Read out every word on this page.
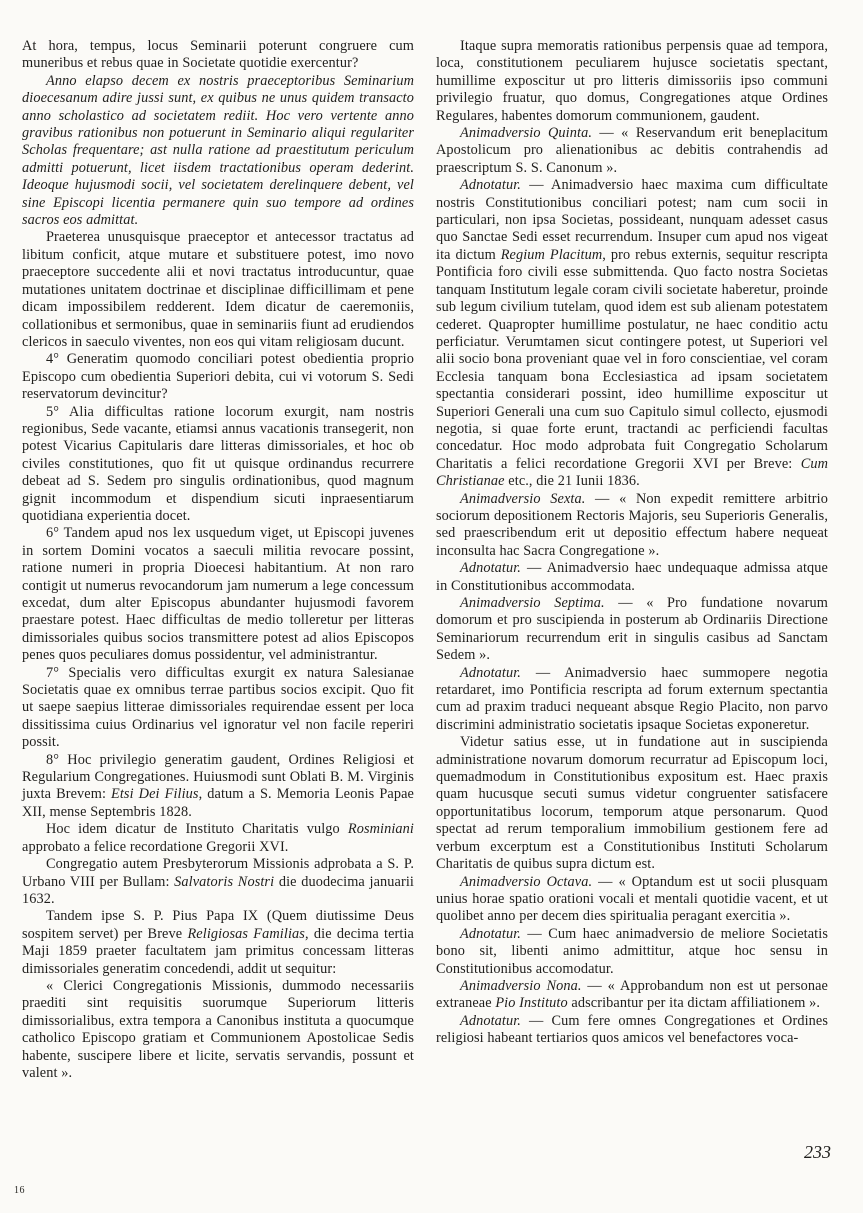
At hora, tempus, locus Seminarii poterunt congruere cum muneribus et rebus quae in Societate quotidie exercentur?

Anno elapso decem ex nostris praeceptoribus Seminarium dioecesanum adire jussi sunt, ex quibus ne unus quidem transacto anno scholastico ad societatem rediit. Hoc vero vertente anno gravibus rationibus non potuerunt in Seminario aliqui regulariter Scholas frequentare; ast nulla ratione ad praestitutum periculum admitti potuerunt, licet iisdem tractationibus operam dederint. Ideoque hujusmodi socii, vel societatem derelinquere debent, vel sine Episcopi licentia permanere quin suo tempore ad ordines sacros eos admittat.

Praeterea unusquisque praeceptor et antecessor tractatus ad libitum conficit, atque mutare et substituere potest, imo novo praeceptore succedente alii et novi tractatus introducuntur, quae mutationes unitatem doctrinae et disciplinae difficillimam et pene dicam impossibilem redderent. Idem dicatur de caeremoniis, collationibus et sermonibus, quae in seminariis fiunt ad erudiendos clericos in saeculo viventes, non eos qui vitam religiosam ducunt.

4° Generatim quomodo conciliari potest obedientia proprio Episcopo cum obedientia Superiori debita, cui vi votorum S. Sedi reservatorum devincitur?

5° Alia difficultas ratione locorum exurgit, nam nostris regionibus, Sede vacante, etiamsi annus vacationis transegerit, non potest Vicarius Capitularis dare litteras dimissoriales, et hoc ob civiles constitutiones, quo fit ut quisque ordinandus recurrere debeat ad S. Sedem pro singulis ordinationibus, quod magnum gignit incommodum et dispendium sicuti inpraesentiarum quotidiana experientia docet.

6° Tandem apud nos lex usquedum viget, ut Episcopi juvenes in sortem Domini vocatos a saeculi militia revocare possint, ratione numeri in propria Dioecesi habitantium. At non raro contigit ut numerus revocandorum jam numerum a lege concessum excedat, dum alter Episcopus abundanter hujusmodi favorem praestare potest. Haec difficultas de medio tolleretur per litteras dimissoriales quibus socios transmittere potest ad alios Episcopos penes quos peculiares domus possidentur, vel administrantur.

7° Specialis vero difficultas exurgit ex natura Salesianae Societatis quae ex omnibus terrae partibus socios excipit. Quo fit ut saepe saepius litterae dimissoriales requirendae essent per loca dissitissima cuius Ordinarius vel ignoratur vel non facile reperiri possit.

8° Hoc privilegio generatim gaudent, Ordines Religiosi et Regularium Congregationes. Huiusmodi sunt Oblati B. M. Virginis juxta Brevem: Etsi Dei Filius, datum a S. Memoria Leonis Papae XII, mense Septembris 1828.

Hoc idem dicatur de Instituto Charitatis vulgo Rosminiani approbato a felice recordatione Gregorii XVI.

Congregatio autem Presbyterorum Missionis adprobata a S. P. Urbano VIII per Bullam: Salvatoris Nostri die duodecima januarii 1632.

Tandem ipse S. P. Pius Papa IX (Quem diutissime Deus sospitem servet) per Breve Religiosas Familias, die decima tertia Maji 1859 praeter facultatem jam primitus concessam litteras dimissoriales generatim concedendi, addit ut sequitur:

« Clerici Congregationis Missionis, dummodo necessariis praediti sint requisitis suorumque Superiorum litteris dimissorialibus, extra tempora a Canonibus instituta a quocumque catholico Episcopo gratiam et Communionem Apostolicae Sedis habente, suscipere libere et licite, servatis servandis, possunt et valent ».

Itaque supra memoratis rationibus perpensis quae ad tempora, loca, constitutionem peculiarem hujusce societatis spectant, humillime exposcitur ut pro litteris dimissoriis ipso communi privilegio fruatur, quo domus, Congregationes atque Ordines Regulares, habentes domorum communionem, gaudent.

Animadversio Quinta. — « Reservandum erit beneplacitum Apostolicum pro alienationibus ac debitis contrahendis ad praescriptum S. S. Canonum ».

Adnotatur. — Animadversio haec maxima cum difficultate nostris Constitutionibus conciliari potest; nam cum socii in particulari, non ipsa Societas, possideant, nunquam adesset casus quo Sanctae Sedi esset recurrendum. Insuper cum apud nos vigeat ita dictum Regium Placitum, pro rebus externis, sequitur rescripta Pontificia foro civili esse submittenda. Quo facto nostra Societas tanquam Institutum legale coram civili societate haberetur, proinde sub legum civilium tutelam, quod idem est sub alienam potestatem cederet. Quapropter humillime postulatur, ne haec conditio actu perficiatur. Verumtamen sicut contingere potest, ut Superiori vel alii socio bona proveniant quae vel in foro conscientiae, vel coram Ecclesia tanquam bona Ecclesiastica ad ipsam societatem spectantia considerari possint, ideo humillime exposcitur ut Superiori Generali una cum suo Capitulo simul collecto, ejusmodi negotia, si quae forte erunt, tractandi ac perficiendi facultas concedatur. Hoc modo adprobata fuit Congregatio Scholarum Charitatis a felici recordatione Gregorii XVI per Breve: Cum Christianae etc., die 21 Iunii 1836.

Animadversio Sexta. — « Non expedit remittere arbitrio sociorum depositionem Rectoris Majoris, seu Superioris Generalis, sed praescribendum erit ut depositio effectum habere nequeat inconsulta hac Sacra Congregatione ».

Adnotatur. — Animadversio haec undequaque admissa atque in Constitutionibus accommodata.

Animadversio Septima. — « Pro fundatione novarum domorum et pro suscipienda in posterum ab Ordinariis Directione Seminariorum recurrendum erit in singulis casibus ad Sanctam Sedem ».

Adnotatur. — Animadversio haec summopere negotia retardaret, imo Pontificia rescripta ad forum externum spectantia cum ad praxim traduci nequeant absque Regio Placito, non parvo discrimini administratio societatis ipsaque Societas exponeretur.

Videtur satius esse, ut in fundatione aut in suscipienda administratione novarum domorum recurratur ad Episcopum loci, quemadmodum in Constitutionibus expositum est. Haec praxis quam hucusque secuti sumus videtur congruenter satisfacere opportunitatibus locorum, temporum atque personarum. Quod spectat ad rerum temporalium immobilium gestionem fere ad verbum excerptum est a Constitutionibus Instituti Scholarum Charitatis de quibus supra dictum est.

Animadversio Octava. — « Optandum est ut socii plusquam unius horae spatio orationi vocali et mentali quotidie vacent, et ut quolibet anno per decem dies spiritualia peragant exercitia ».

Adnotatur. — Cum haec animadversio de meliore Societatis bono sit, libenti animo admittitur, atque hoc sensu in Constitutionibus accomodatur.

Animadversio Nona. — « Approbandum non est ut personae extraneae Pio Instituto adscribantur per ita dictam affiliationem ».

Adnotatur. — Cum fere omnes Congregationes et Ordines religiosi habeant tertiarios quos amicos vel benefactores voca-

16
233
